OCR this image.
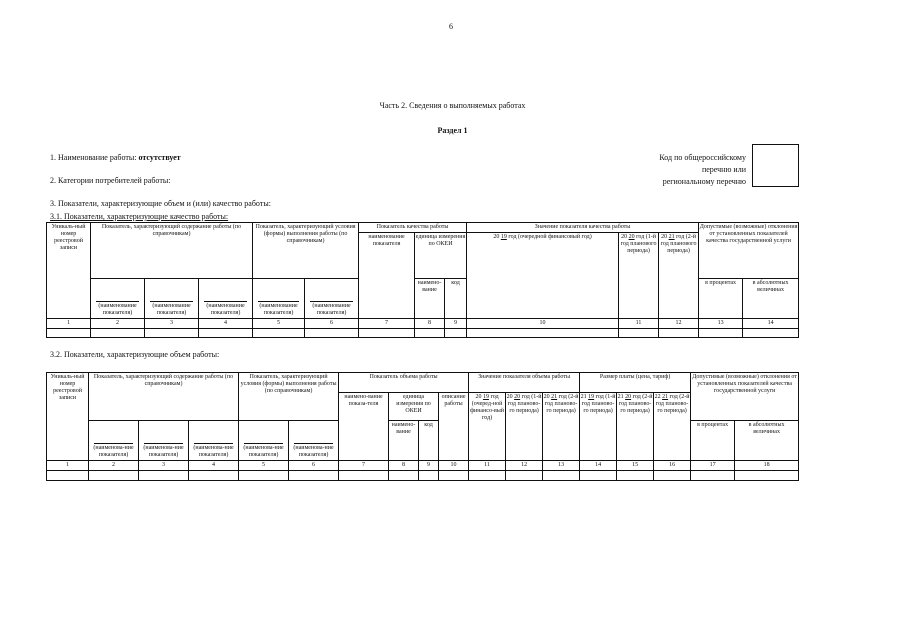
6
Часть 2. Сведения о выполняемых работах
Раздел 1
1. Наименование работы: отсутствует
2. Категории потребителей работы:
Код по общероссийскому
перечню или
региональному перечню
3. Показатели, характеризующие объем и (или) качество работы:
3.1. Показатели, характеризующие качество работы:
Уникаль-ный номер реестровой записи	Показатель, характеризующий содержание работы (по справочникам)			Показатель, характеризующий условия (формы) выполнения работы (по справочникам)		Показатель качества работы			Значение показателя качества работы			Допустимые (возможные) отклонения от установленных показателей качества государственной услуги	
						наименование показателя	единица измерения по ОКЕИ		20 19 год (очередной финансовый год)	20 20 год (1-й год планового периода)	20 21 год (2-й год планового периода)		

(наименование показателя)	(наименование показателя)	(наименование показателя)	(наименование показателя)	(наименование показателя)		наимено-вание	код				в процентах	в абсолютных величинах
1	2	3	4	5	6	7	8	9	10	11	12	13	14

3.2. Показатели, характеризующие объем работы:
Уникаль-ный номер реестровой записи	Показатель, характеризующий содержание работы (по справочникам)			Показатель, характеризующий условия (формы) выполнения работы (по справочникам)		Показатель объема работы				Значение показателя объема работы			Размер платы (цена, тариф)			Допустимые (возможные) отклонения от установленных показателей качества государственной услуги	
						наимено-вание показа-теля	единица измерения по ОКЕИ		описание работы	20 19 год (очеред-ной финансо-вый год)	20 20 год (1-й год планово-го периода)	20 21 год (2-й год планово-го периода)	21 19 год (1-й год планово-го периода)	21 20 год (2-й год планово-го периода)	22 21 год (2-й год планово-го периода)		

(наименова-ние показателя)	(наименова-ние показателя)	(наименова-ние показателя)	(наименова-ние показателя)	(наименова-ние показателя)		наимено-вание	код								в процентах	в абсолютных величинах
1	2	3	4	5	6	7	8	9	10	11	12	13	14	15	16	17	18
